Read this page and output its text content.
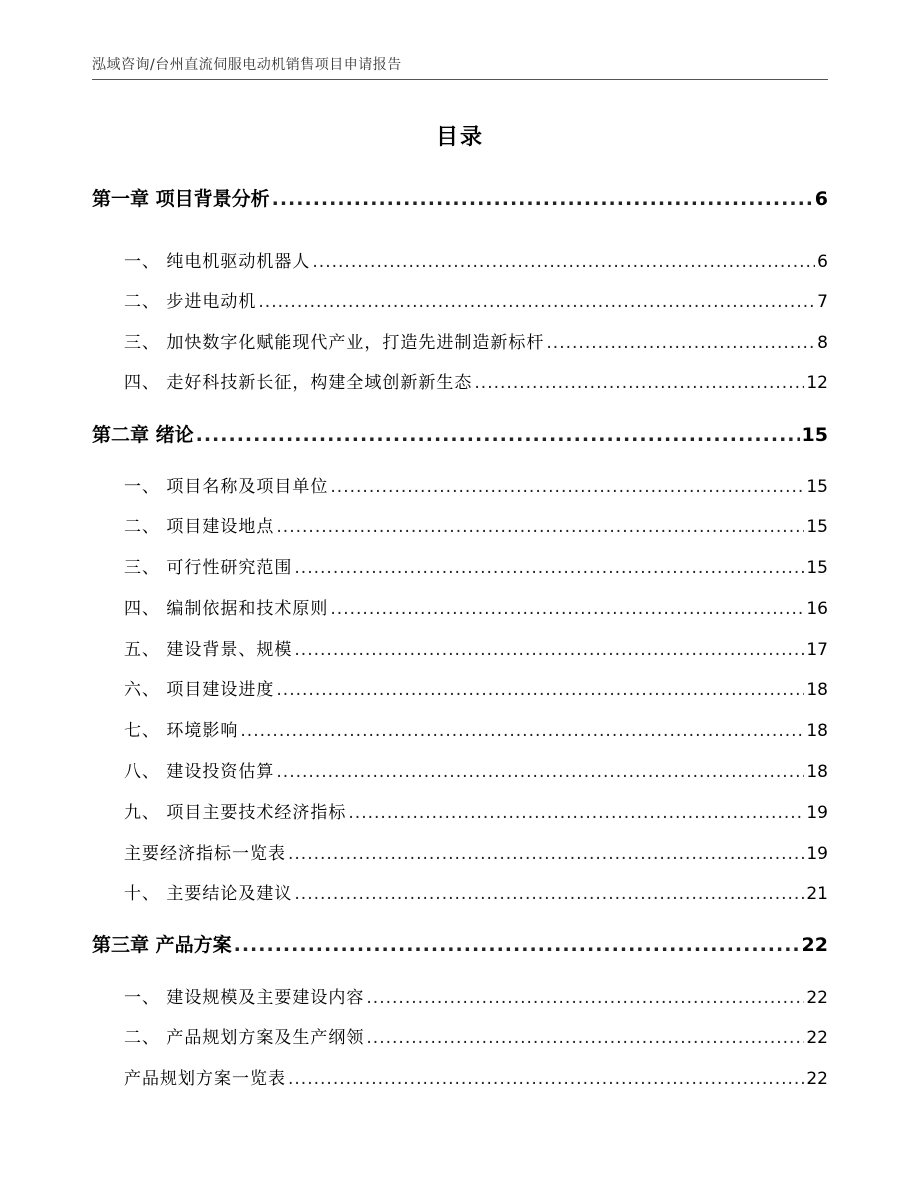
泓域咨询/台州直流伺服电动机销售项目申请报告
目录
第一章 项目背景分析 .....	6
一、 纯电机驱动机器人 .....	6
二、 步进电动机 .....	7
三、 加快数字化赋能现代产业，打造先进制造新标杆 .....	8
四、 走好科技新长征，构建全域创新新生态 .....	12
第二章 绪论 .....	15
一、 项目名称及项目单位 .....	15
二、 项目建设地点 .....	15
三、 可行性研究范围 .....	15
四、 编制依据和技术原则 .....	16
五、 建设背景、规模 .....	17
六、 项目建设进度 .....	18
七、 环境影响 .....	18
八、 建设投资估算 .....	18
九、 项目主要技术经济指标 .....	19
主要经济指标一览表 .....	19
十、 主要结论及建议 .....	21
第三章 产品方案 .....	22
一、 建设规模及主要建设内容 .....	22
二、 产品规划方案及生产纲领 .....	22
产品规划方案一览表 .....	22
